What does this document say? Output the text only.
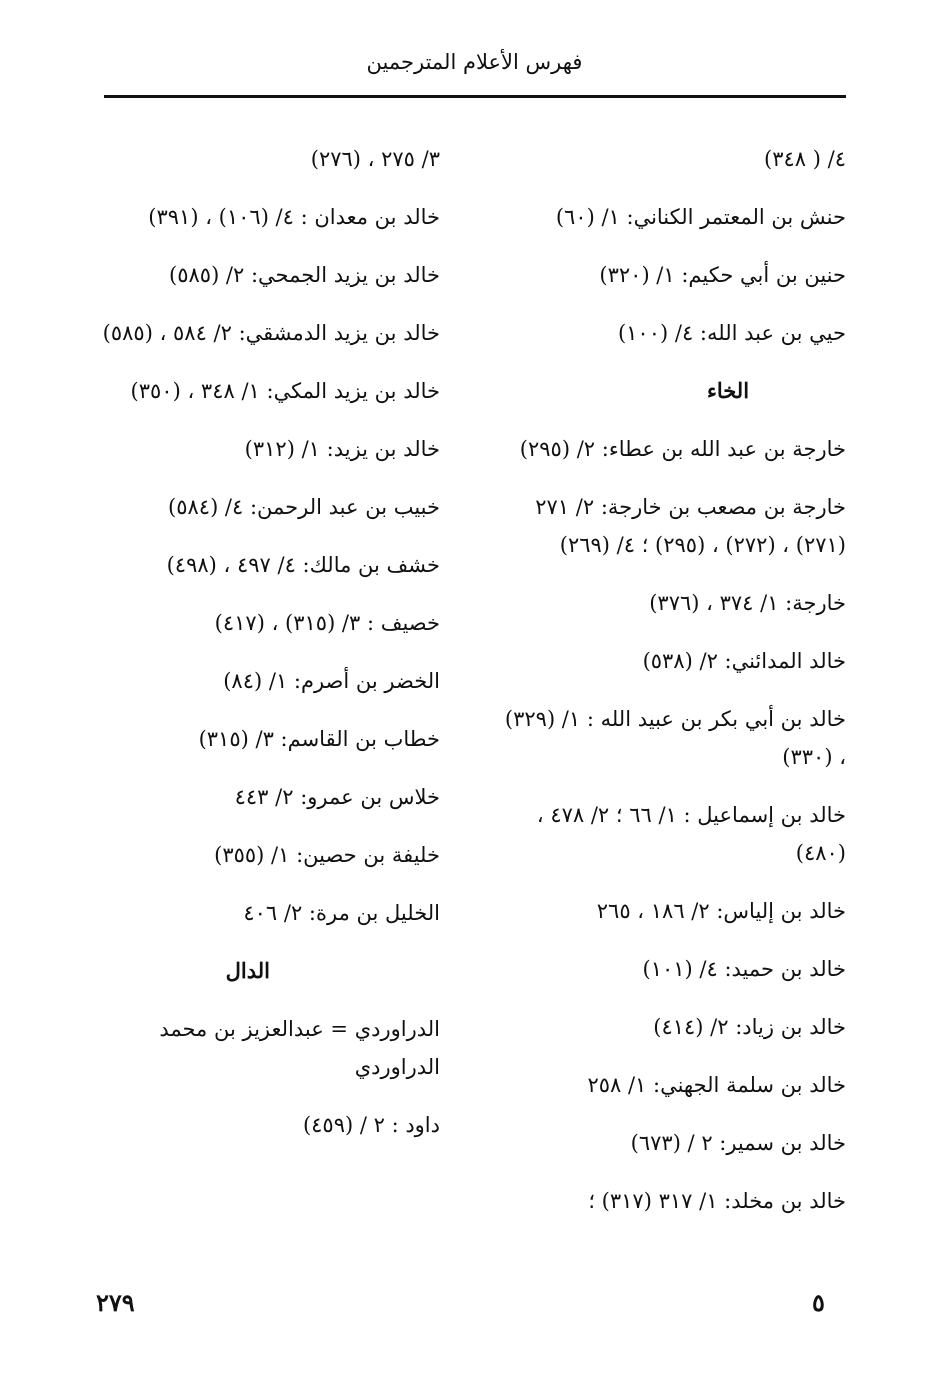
فهرس الأعلام المترجمين
٤/ ( ٣٤٨)
حنش بن المعتمر الكناني: ١/ (٦٠)
حنين بن أبي حكيم: ١/ (٣٢٠)
حيي بن عبد الله: ٤/ (١٠٠)
الخاء
خارجة بن عبد الله بن عطاء: ٢/ (٢٩٥)
خارجة بن مصعب بن خارجة: ٢/ ٢٧١ (٢٧١) ، (٢٧٢) ، (٢٩٥) ؛ ٤/ (٢٦٩)
خارجة: ١/ ٣٧٤ ، (٣٧٦)
خالد المدائني: ٢/ (٥٣٨)
خالد بن أبي بكر بن عبيد الله : ١/ (٣٢٩) ، (٣٣٠)
خالد بن إسماعيل : ١/ ٦٦ ؛ ٢/ ٤٧٨ ، (٤٨٠)
خالد بن إلياس: ٢/ ١٨٦ ، ٢٦٥
خالد بن حميد: ٤/ (١٠١)
خالد بن زياد: ٢/ (٤١٤)
خالد بن سلمة الجهني: ١/ ٢٥٨
خالد بن سمير: ٢ / (٦٧٣)
خالد بن مخلد: ١/ ٣١٧ (٣١٧) ؛
٣/ ٢٧٥ ، (٢٧٦)
خالد بن معدان : ٤/ (١٠٦) ، (٣٩١)
خالد بن يزيد الجمحي: ٢/ (٥٨٥)
خالد بن يزيد الدمشقي: ٢/ ٥٨٤ ، (٥٨٥)
خالد بن يزيد المكي: ١/ ٣٤٨ ، (٣٥٠)
خالد بن يزيد: ١/ (٣١٢)
خبيب بن عبد الرحمن: ٤/ (٥٨٤)
خشف بن مالك: ٤/ ٤٩٧ ، (٤٩٨)
خصيف : ٣/ (٣١٥) ، (٤١٧)
الخضر بن أصرم: ١/ (٨٤)
خطاب بن القاسم: ٣/ (٣١٥)
خلاس بن عمرو: ٢/ ٤٤٣
خليفة بن حصين: ١/ (٣٥٥)
الخليل بن مرة: ٢/ ٤٠٦
الدال
الدراوردي = عبدالعزيز بن محمد الدراوردي
داود : ٢ / (٤٥٩)
٢٧٩	٥
